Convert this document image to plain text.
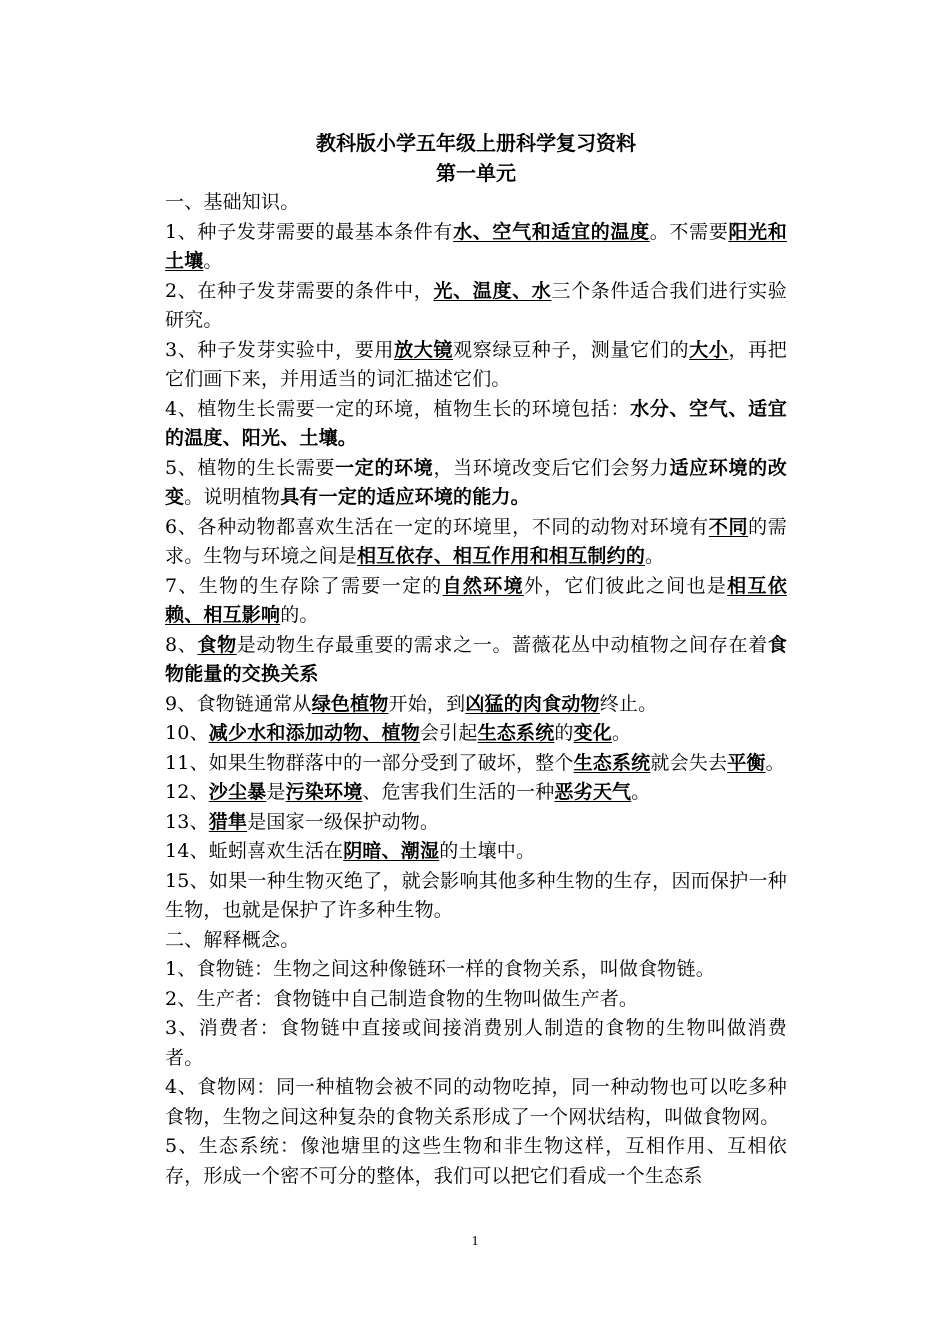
教科版小学五年级上册科学复习资料
第一单元

一、基础知识。

1、种子发芽需要的最基本条件有水、空气和适宜的温度。不需要阳光和土壤。

2、在种子发芽需要的条件中，光、温度、水三个条件适合我们进行实验研究。

3、种子发芽实验中，要用放大镜观察绿豆种子，测量它们的大小，再把它们画下来，并用适当的词汇描述它们。

4、植物生长需要一定的环境，植物生长的环境包括：水分、空气、适宜的温度、阳光、土壤。

5、植物的生长需要一定的环境，当环境改变后它们会努力适应环境的改变。说明植物具有一定的适应环境的能力。

6、各种动物都喜欢生活在一定的环境里，不同的动物对环境有不同的需求。生物与环境之间是相互依存、相互作用和相互制约的。

7、生物的生存除了需要一定的自然环境外，它们彼此之间也是相互依赖、相互影响的。

8、食物是动物生存最重要的需求之一。蔷薇花丛中动植物之间存在着食物能量的交换关系

9、食物链通常从绿色植物开始，到凶猛的肉食动物终止。

10、减少水和添加动物、植物会引起生态系统的变化。

11、如果生物群落中的一部分受到了破坏，整个生态系统就会失去平衡。

12、沙尘暴是污染环境、危害我们生活的一种恶劣天气。

13、猎隼是国家一级保护动物。

14、蚯蚓喜欢生活在阴暗、潮湿的土壤中。

15、如果一种生物灭绝了，就会影响其他多种生物的生存，因而保护一种生物，也就是保护了许多种生物。

二、解释概念。

1、食物链：生物之间这种像链环一样的食物关系，叫做食物链。

2、生产者：食物链中自己制造食物的生物叫做生产者。

3、消费者：食物链中直接或间接消费别人制造的食物的生物叫做消费者。

4、食物网：同一种植物会被不同的动物吃掉，同一种动物也可以吃多种食物，生物之间这种复杂的食物关系形成了一个网状结构，叫做食物网。

5、生态系统：像池塘里的这些生物和非生物这样，互相作用、互相依存，形成一个密不可分的整体，我们可以把它们看成一个生态系

1
